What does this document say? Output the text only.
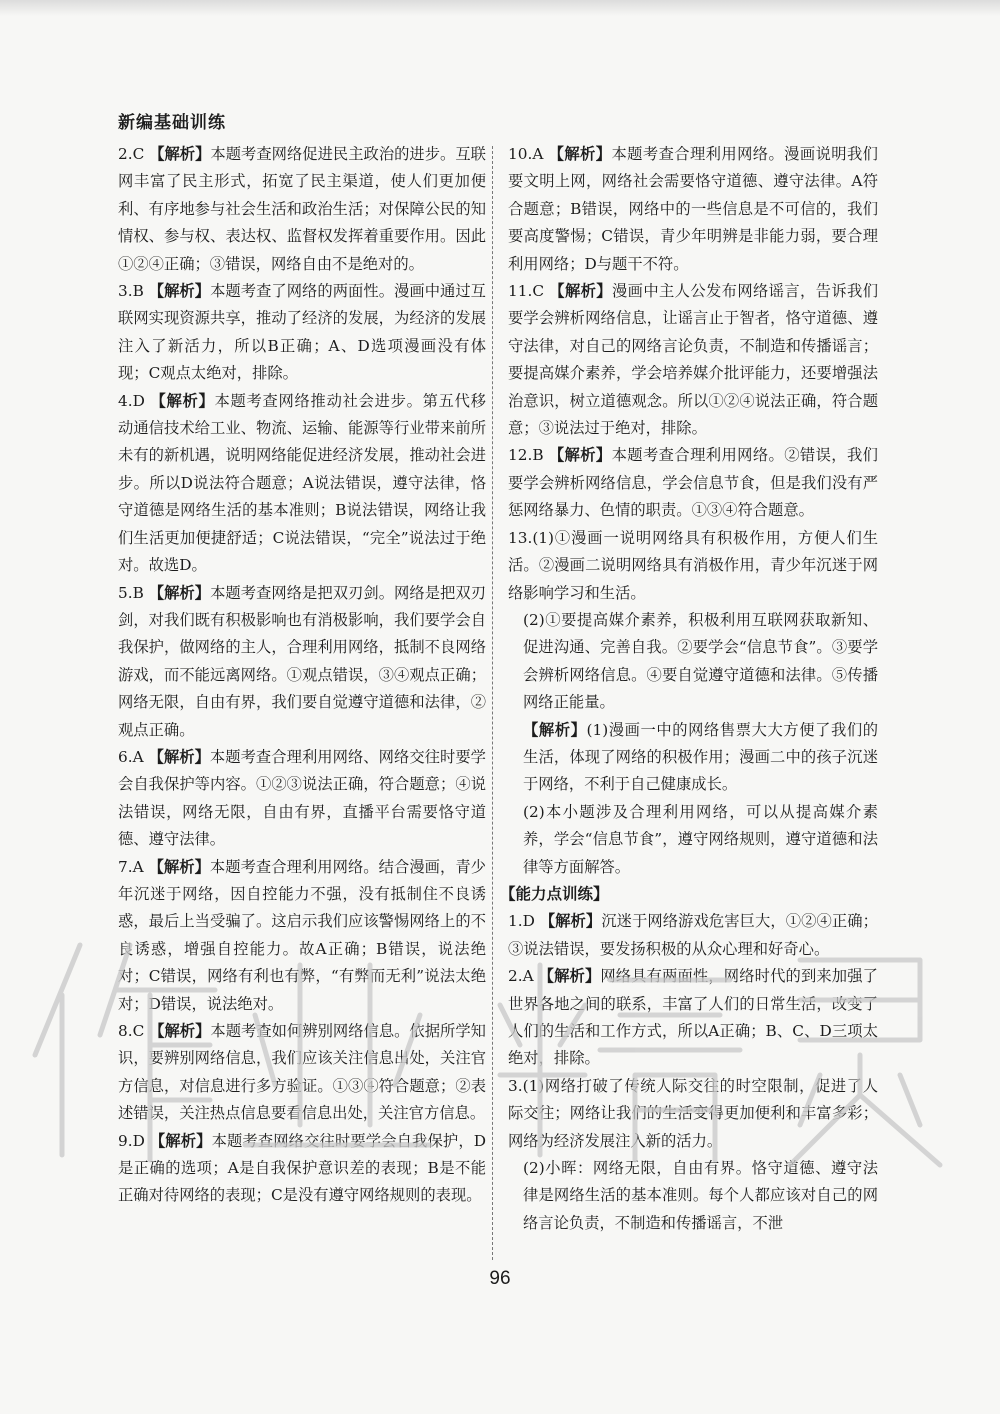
新编基础训练

2.C 【解析】本题考查网络促进民主政治的进步。互联网丰富了民主形式，拓宽了民主渠道，使人们更加便利、有序地参与社会生活和政治生活；对保障公民的知情权、参与权、表达权、监督权发挥着重要作用。因此①②④正确；③错误，网络自由不是绝对的。

3.B 【解析】本题考查了网络的两面性。漫画中通过互联网实现资源共享，推动了经济的发展，为经济的发展注入了新活力，所以B正确；A、D选项漫画没有体现；C观点太绝对，排除。

4.D 【解析】本题考查网络推动社会进步。第五代移动通信技术给工业、物流、运输、能源等行业带来前所未有的新机遇，说明网络能促进经济发展，推动社会进步。所以D说法符合题意；A说法错误，遵守法律，恪守道德是网络生活的基本准则；B说法错误，网络让我们生活更加便捷舒适；C说法错误，“完全”说法过于绝对。故选D。

5.B 【解析】本题考查网络是把双刃剑。网络是把双刃剑，对我们既有积极影响也有消极影响，我们要学会自我保护，做网络的主人，合理利用网络，抵制不良网络游戏，而不能远离网络。①观点错误，③④观点正确；网络无限，自由有界，我们要自觉遵守道德和法律，②观点正确。

6.A 【解析】本题考查合理利用网络、网络交往时要学会自我保护等内容。①②③说法正确，符合题意；④说法错误，网络无限，自由有界，直播平台需要恪守道德、遵守法律。

7.A 【解析】本题考查合理利用网络。结合漫画，青少年沉迷于网络，因自控能力不强，没有抵制住不良诱惑，最后上当受骗了。这启示我们应该警惕网络上的不良诱惑，增强自控能力。故A正确；B错误，说法绝对；C错误，网络有利也有弊，“有弊而无利”说法太绝对；D错误，说法绝对。

8.C 【解析】本题考查如何辨别网络信息。依据所学知识，要辨别网络信息，我们应该关注信息出处，关注官方信息，对信息进行多方验证。①③④符合题意；②表述错误，关注热点信息要看信息出处，关注官方信息。

9.D 【解析】本题考查网络交往时要学会自我保护，D是正确的选项；A是自我保护意识差的表现；B是不能正确对待网络的表现；C是没有遵守网络规则的表现。

10.A 【解析】本题考查合理利用网络。漫画说明我们要文明上网，网络社会需要恪守道德、遵守法律。A符合题意；B错误，网络中的一些信息是不可信的，我们要高度警惕；C错误，青少年明辨是非能力弱，要合理利用网络；D与题干不符。

11.C 【解析】漫画中主人公发布网络谣言，告诉我们要学会辨析网络信息，让谣言止于智者，恪守道德、遵守法律，对自己的网络言论负责，不制造和传播谣言；要提高媒介素养，学会培养媒介批评能力，还要增强法治意识，树立道德观念。所以①②④说法正确，符合题意；③说法过于绝对，排除。

12.B 【解析】本题考查合理利用网络。②错误，我们要学会辨析网络信息，学会信息节食，但是我们没有严惩网络暴力、色情的职责。①③④符合题意。

13.(1)①漫画一说明网络具有积极作用，方便人们生活。②漫画二说明网络具有消极作用，青少年沉迷于网络影响学习和生活。

(2)①要提高媒介素养，积极利用互联网获取新知、促进沟通、完善自我。②要学会“信息节食”。③要学会辨析网络信息。④要自觉遵守道德和法律。⑤传播网络正能量。

【解析】(1)漫画一中的网络售票大大方便了我们的生活，体现了网络的积极作用；漫画二中的孩子沉迷于网络，不利于自己健康成长。

(2)本小题涉及合理利用网络，可以从提高媒介素养，学会“信息节食”，遵守网络规则，遵守道德和法律等方面解答。

【能力点训练】

1.D 【解析】沉迷于网络游戏危害巨大，①②④正确；③说法错误，要发扬积极的从众心理和好奇心。

2.A 【解析】网络具有两面性，网络时代的到来加强了世界各地之间的联系，丰富了人们的日常生活，改变了人们的生活和工作方式，所以A正确；B、C、D三项太绝对，排除。

3.(1)网络打破了传统人际交往的时空限制，促进了人际交往；网络让我们的生活变得更加便利和丰富多彩；网络为经济发展注入新的活力。

(2)小晖：网络无限，自由有界。恪守道德、遵守法律是网络生活的基本准则。每个人都应该对自己的网络言论负责，不制造和传播谣言，不泄

96
